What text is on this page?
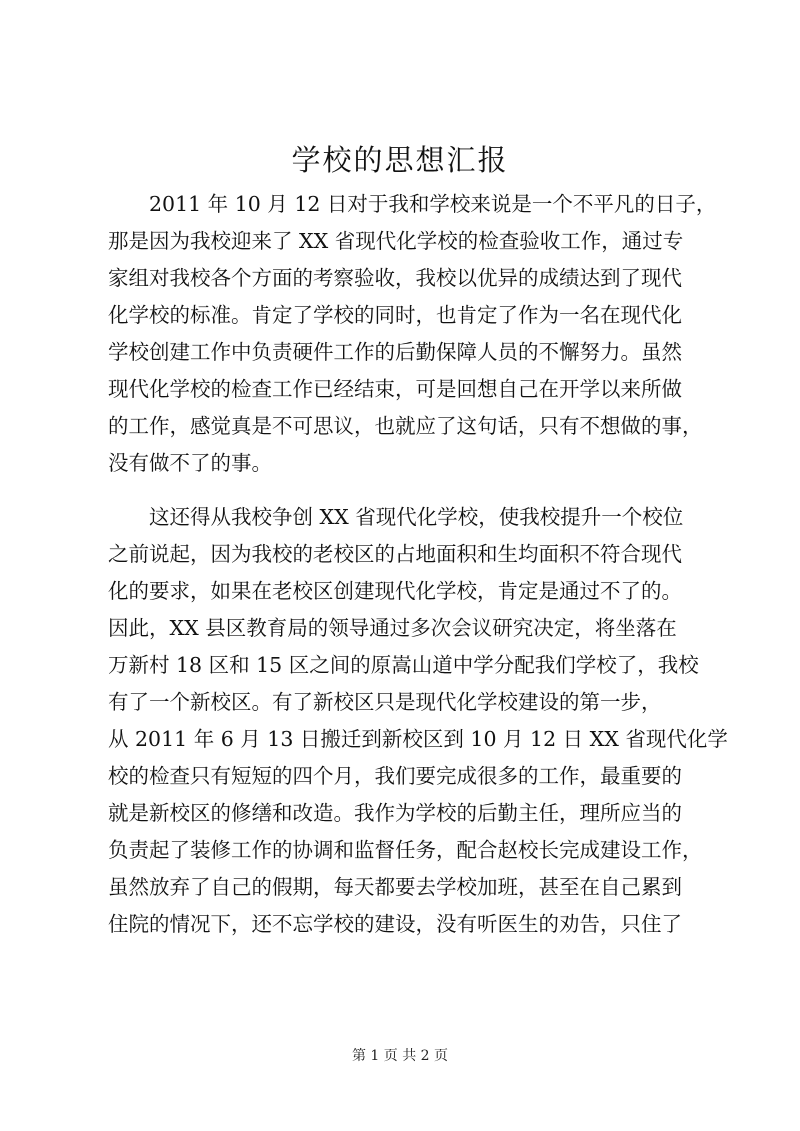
学校的思想汇报
　　2011 年 10 月 12 日对于我和学校来说是一个不平凡的日子，
那是因为我校迎来了 XX 省现代化学校的检查验收工作，通过专
家组对我校各个方面的考察验收，我校以优异的成绩达到了现代
化学校的标准。肯定了学校的同时，也肯定了作为一名在现代化
学校创建工作中负责硬件工作的后勤保障人员的不懈努力。虽然
现代化学校的检查工作已经结束，可是回想自己在开学以来所做
的工作，感觉真是不可思议，也就应了这句话，只有不想做的事，
没有做不了的事。
　　这还得从我校争创 XX 省现代化学校，使我校提升一个校位
之前说起，因为我校的老校区的占地面积和生均面积不符合现代
化的要求，如果在老校区创建现代化学校，肯定是通过不了的。
因此，XX 县区教育局的领导通过多次会议研究决定，将坐落在
万新村 18 区和 15 区之间的原嵩山道中学分配我们学校了，我校
有了一个新校区。有了新校区只是现代化学校建设的第一步，
从 2011 年 6 月 13 日搬迁到新校区到 10 月 12 日 XX 省现代化学
校的检查只有短短的四个月，我们要完成很多的工作，最重要的
就是新校区的修缮和改造。我作为学校的后勤主任，理所应当的
负责起了装修工作的协调和监督任务，配合赵校长完成建设工作，
虽然放弃了自己的假期，每天都要去学校加班，甚至在自己累到
住院的情况下，还不忘学校的建设，没有听医生的劝告，只住了
第 1 页 共 2 页
